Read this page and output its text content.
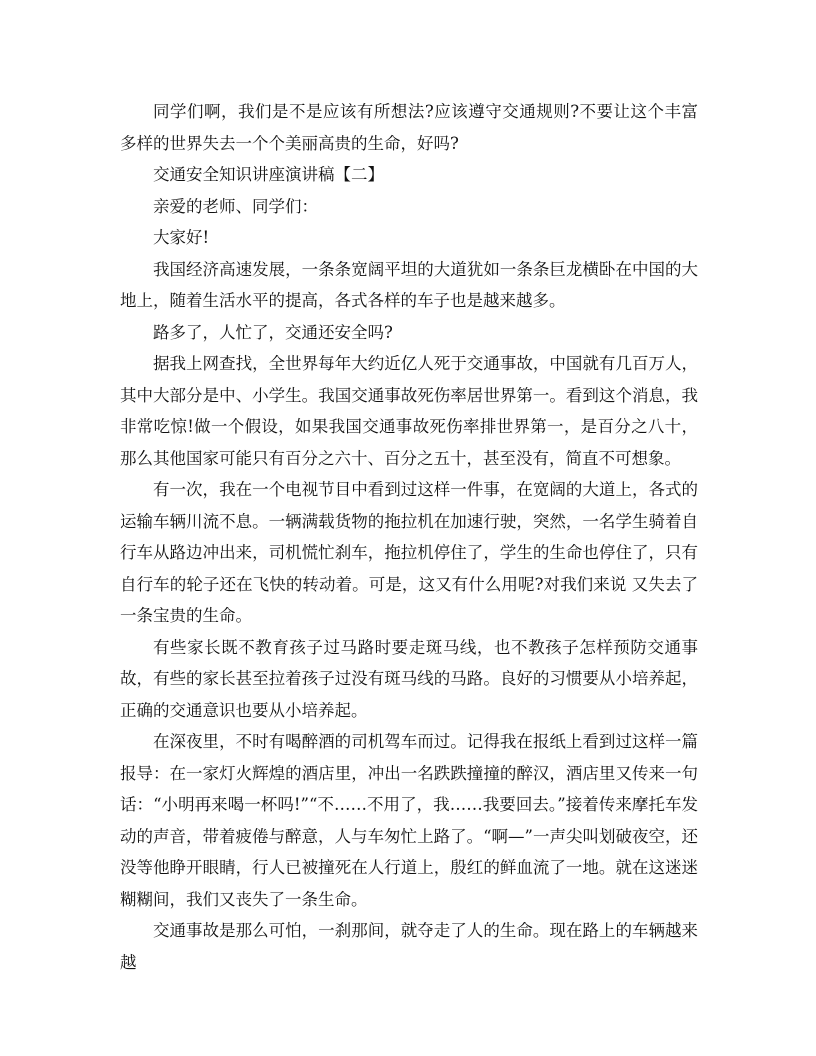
同学们啊，我们是不是应该有所想法?应该遵守交通规则?不要让这个丰富多样的世界失去一个个美丽高贵的生命，好吗?

交通安全知识讲座演讲稿【二】

亲爱的老师、同学们：

大家好!

我国经济高速发展，一条条宽阔平坦的大道犹如一条条巨龙横卧在中国的大地上，随着生活水平的提高，各式各样的车子也是越来越多。

路多了，人忙了，交通还安全吗?

据我上网查找，全世界每年大约近亿人死于交通事故，中国就有几百万人，其中大部分是中、小学生。我国交通事故死伤率居世界第一。看到这个消息，我非常吃惊!做一个假设，如果我国交通事故死伤率排世界第一，是百分之八十，那么其他国家可能只有百分之六十、百分之五十，甚至没有，简直不可想象。

有一次，我在一个电视节目中看到过这样一件事，在宽阔的大道上，各式的运输车辆川流不息。一辆满载货物的拖拉机在加速行驶，突然，一名学生骑着自行车从路边冲出来，司机慌忙刹车，拖拉机停住了，学生的生命也停住了，只有自行车的轮子还在飞快的转动着。可是，这又有什么用呢?对我们来说 又失去了一条宝贵的生命。

有些家长既不教育孩子过马路时要走斑马线，也不教孩子怎样预防交通事故，有些的家长甚至拉着孩子过没有斑马线的马路。良好的习惯要从小培养起，正确的交通意识也要从小培养起。

在深夜里，不时有喝醉酒的司机驾车而过。记得我在报纸上看到过这样一篇报导：在一家灯火辉煌的酒店里，冲出一名跌跌撞撞的醉汉，酒店里又传来一句话：“小明再来喝一杯吗!”“不……不用了，我……我要回去。”接着传来摩托车发动的声音，带着疲倦与醉意，人与车匆忙上路了。“啊—”一声尖叫划破夜空，还没等他睁开眼睛，行人已被撞死在人行道上，殷红的鲜血流了一地。就在这迷迷糊糊间，我们又丧失了一条生命。

交通事故是那么可怕，一刹那间，就夺走了人的生命。现在路上的车辆越来越
